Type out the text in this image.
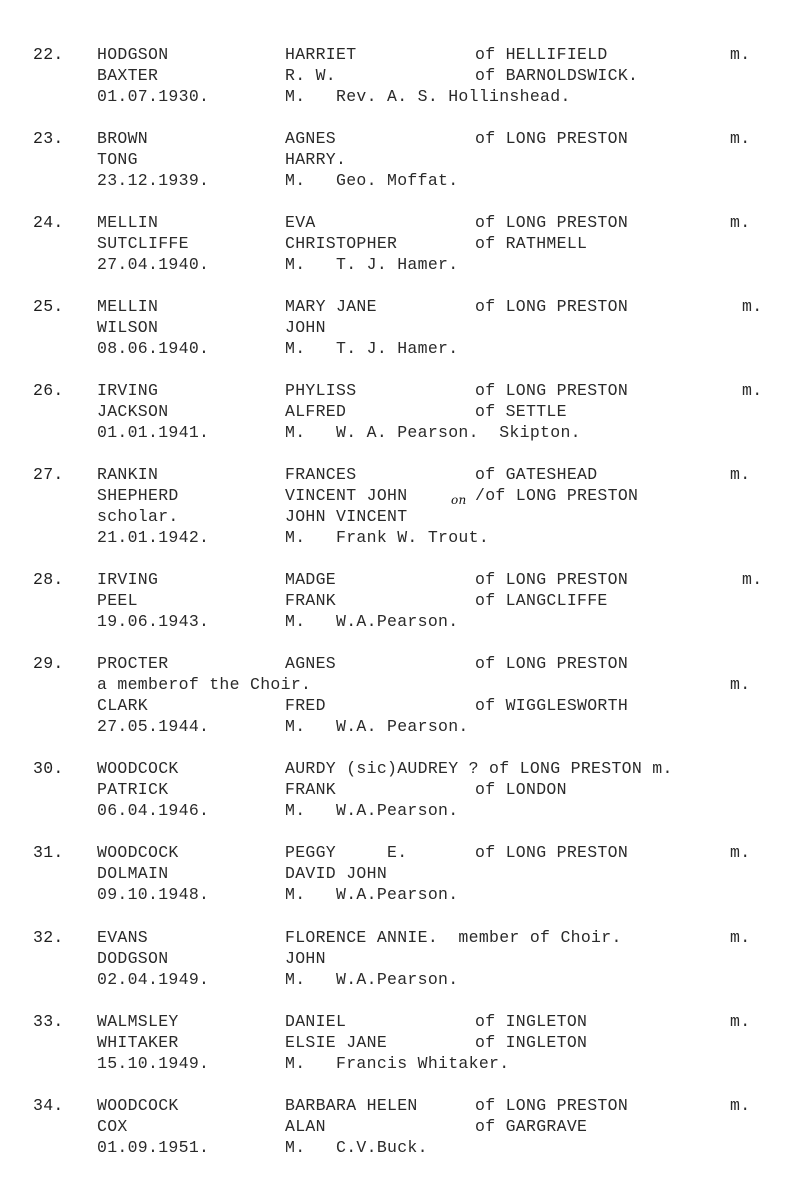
22. HODGSON	HARRIET	of HELLIFIELD	m.
BAXTER	R. W.	of BARNOLDSWICK.
01.07.1930.	M.   Rev. A. S. Hollinshead.
23. BROWN	AGNES	of LONG PRESTON	m.
TONG	HARRY.
23.12.1939.	M.   Geo. Moffat.
24. MELLIN	EVA	of LONG PRESTON	m.
SUTCLIFFE	CHRISTOPHER	of RATHMELL
27.04.1940.	M.   T. J. Hamer.
25. MELLIN	MARY JANE	of LONG PRESTON	m.
WILSON	JOHN
08.06.1940.	M.   T. J. Hamer.
26. IRVING	PHYLISS	of LONG PRESTON	m.
JACKSON	ALFRED	of SETTLE
01.01.1941.	M.   W. A. Pearson.  Skipton.
27. RANKIN	FRANCES	of GATESHEAD	m.
SHEPHERD	VINCENT JOHN	/of LONG PRESTON
on
scholar.	JOHN VINCENT
21.01.1942.	M.   Frank W. Trout.
28. IRVING	MADGE	of LONG PRESTON	m.
PEEL	FRANK	of LANGCLIFFE
19.06.1943.	M.   W.A.Pearson.
29. PROCTER	AGNES	of LONG PRESTON
a memberof the Choir.	m.
CLARK	FRED	of WIGGLESWORTH
27.05.1944.	M.   W.A. Pearson.
30. WOODCOCK	AURDY (sic)AUDREY ? of LONG PRESTON m.
PATRICK	FRANK	of LONDON
06.04.1946.	M.   W.A.Pearson.
31. WOODCOCK	PEGGY     E.	of LONG PRESTON	m.
DOLMAIN	DAVID JOHN
09.10.1948.	M.   W.A.Pearson.
32. EVANS	FLORENCE ANNIE.  member of Choir.	m.
DODGSON	JOHN
02.04.1949.	M.   W.A.Pearson.
33. WALMSLEY	DANIEL	of INGLETON	m.
WHITAKER	ELSIE JANE	of INGLETON
15.10.1949.	M.   Francis Whitaker.
34. WOODCOCK	BARBARA HELEN	of LONG PRESTON	m.
COX	ALAN	of GARGRAVE
01.09.1951.	M.   C.V.Buck.
